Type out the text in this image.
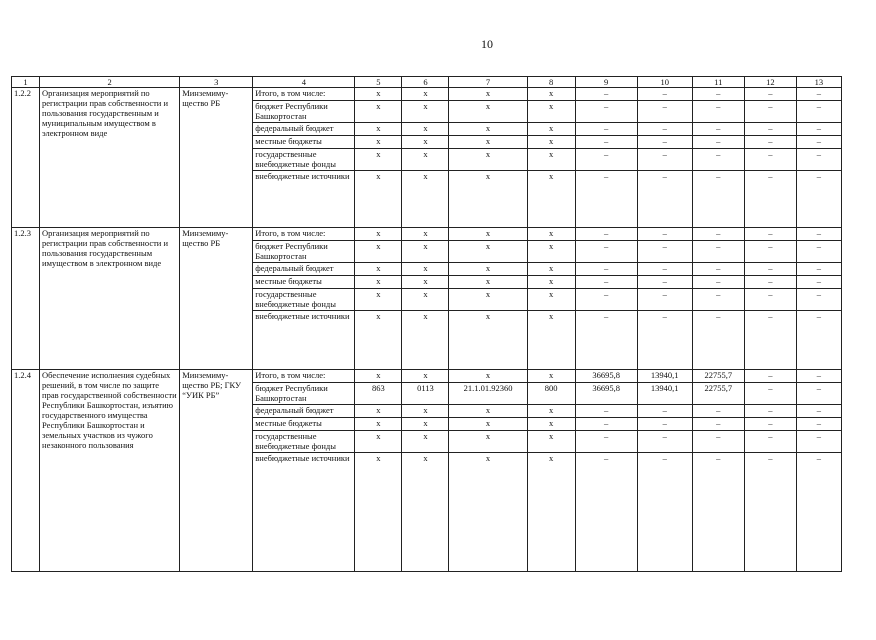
10
1	2	3	4	5	6	7	8	9	10	11	12	13
1.2.2	Организация мероприятий по регистрации прав собственности и пользования государственным и муниципальным имуществом в электронном виде	Минземиму-щество РБ	Итого, в том числе:	x	x	x	x	–	–	–	–	–
			бюджет Республики Башкортостан	x	x	x	x	–	–	–	–	–
			федеральный бюджет	x	x	x	x	–	–	–	–	–
			местные бюджеты	x	x	x	x	–	–	–	–	–
			государственные внебюджетные фонды	x	x	x	x	–	–	–	–	–
			внебюджетные источники	x	x	x	x	–	–	–	–	–
1.2.3	Организация мероприятий по регистрации прав собственности и пользования государственным имуществом в электронном виде	Минземиму-щество РБ	Итого, в том числе:	x	x	x	x	–	–	–	–	–
			бюджет Республики Башкортостан	x	x	x	x	–	–	–	–	–
			федеральный бюджет	x	x	x	x	–	–	–	–	–
			местные бюджеты	x	x	x	x	–	–	–	–	–
			государственные внебюджетные фонды	x	x	x	x	–	–	–	–	–
			внебюджетные источники	x	x	x	x	–	–	–	–	–
1.2.4	Обеспечение исполнения судебных решений, в том числе по защите прав государственной собственности Республики Башкортостан, изъятию государственного имущества Республики Башкортостан и земельных участков из чужого незаконного пользования	Минземиму-щество РБ; ГКУ “УИК РБ”	Итого, в том числе:	x	x	x	x	36695,8	13940,1	22755,7	–	–
			бюджет Республики Башкортостан	863	0113	21.1.01.92360	800	36695,8	13940,1	22755,7	–	–
			федеральный бюджет	x	x	x	x	–	–	–	–	–
			местные бюджеты	x	x	x	x	–	–	–	–	–
			государственные внебюджетные фонды	x	x	x	x	–	–	–	–	–
			внебюджетные источники	x	x	x	x	–	–	–	–	–
